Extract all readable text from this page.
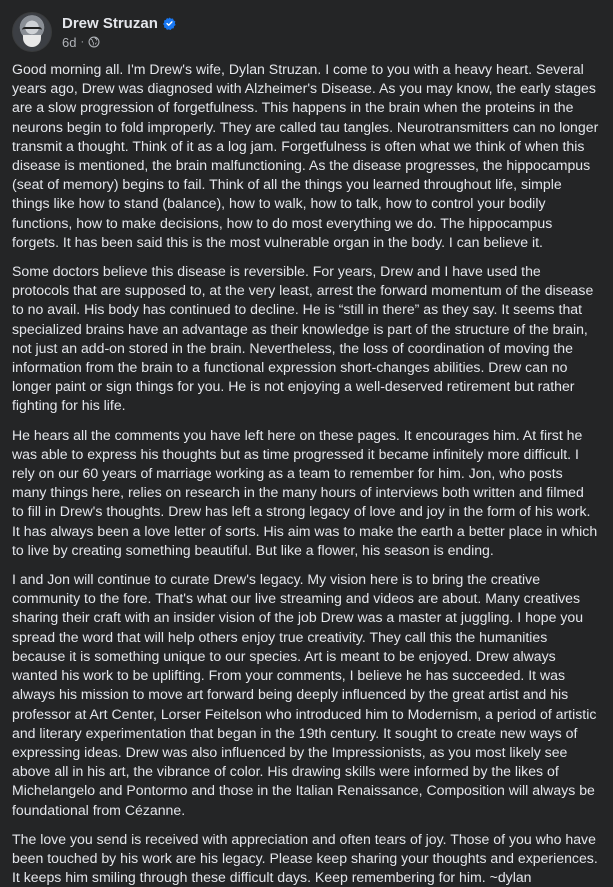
Drew Struzan
6d ·

Good morning all. I'm Drew's wife, Dylan Struzan. I come to you with a heavy heart. Several years ago, Drew was diagnosed with Alzheimer's Disease. As you may know, the early stages are a slow progression of forgetfulness. This happens in the brain when the proteins in the neurons begin to fold improperly. They are called tau tangles. Neurotransmitters can no longer transmit a thought. Think of it as a log jam. Forgetfulness is often what we think of when this disease is mentioned, the brain malfunctioning. As the disease progresses, the hippocampus (seat of memory) begins to fail. Think of all the things you learned throughout life, simple things like how to stand (balance), how to walk, how to talk, how to control your bodily functions, how to make decisions, how to do most everything we do. The hippocampus forgets. It has been said this is the most vulnerable organ in the body. I can believe it.

Some doctors believe this disease is reversible. For years, Drew and I have used the protocols that are supposed to, at the very least, arrest the forward momentum of the disease to no avail. His body has continued to decline. He is “still in there” as they say. It seems that specialized brains have an advantage as their knowledge is part of the structure of the brain, not just an add-on stored in the brain. Nevertheless, the loss of coordination of moving the information from the brain to a functional expression short-changes abilities. Drew can no longer paint or sign things for you. He is not enjoying a well-deserved retirement but rather fighting for his life.

He hears all the comments you have left here on these pages. It encourages him. At first he was able to express his thoughts but as time progressed it became infinitely more difficult. I rely on our 60 years of marriage working as a team to remember for him. Jon, who posts many things here, relies on research in the many hours of interviews both written and filmed to fill in Drew's thoughts. Drew has left a strong legacy of love and joy in the form of his work. It has always been a love letter of sorts. His aim was to make the earth a better place in which to live by creating something beautiful. But like a flower, his season is ending.

I and Jon will continue to curate Drew's legacy. My vision here is to bring the creative community to the fore. That's what our live streaming and videos are about. Many creatives sharing their craft with an insider vision of the job Drew was a master at juggling. I hope you spread the word that will help others enjoy true creativity. They call this the humanities because it is something unique to our species. Art is meant to be enjoyed. Drew always wanted his work to be uplifting. From your comments, I believe he has succeeded. It was always his mission to move art forward being deeply influenced by the great artist and his professor at Art Center, Lorser Feitelson who introduced him to Modernism, a period of artistic and literary experimentation that began in the 19th century. It sought to create new ways of expressing ideas. Drew was also influenced by the Impressionists, as you most likely see above all in his art, the vibrance of color. His drawing skills were informed by the likes of Michelangelo and Pontormo and those in the Italian Renaissance, Composition will always be foundational from Cézanne.

The love you send is received with appreciation and often tears of joy. Those of you who have been touched by his work are his legacy. Please keep sharing your thoughts and experiences. It keeps him smiling through these difficult days. Keep remembering for him. ~dylan
